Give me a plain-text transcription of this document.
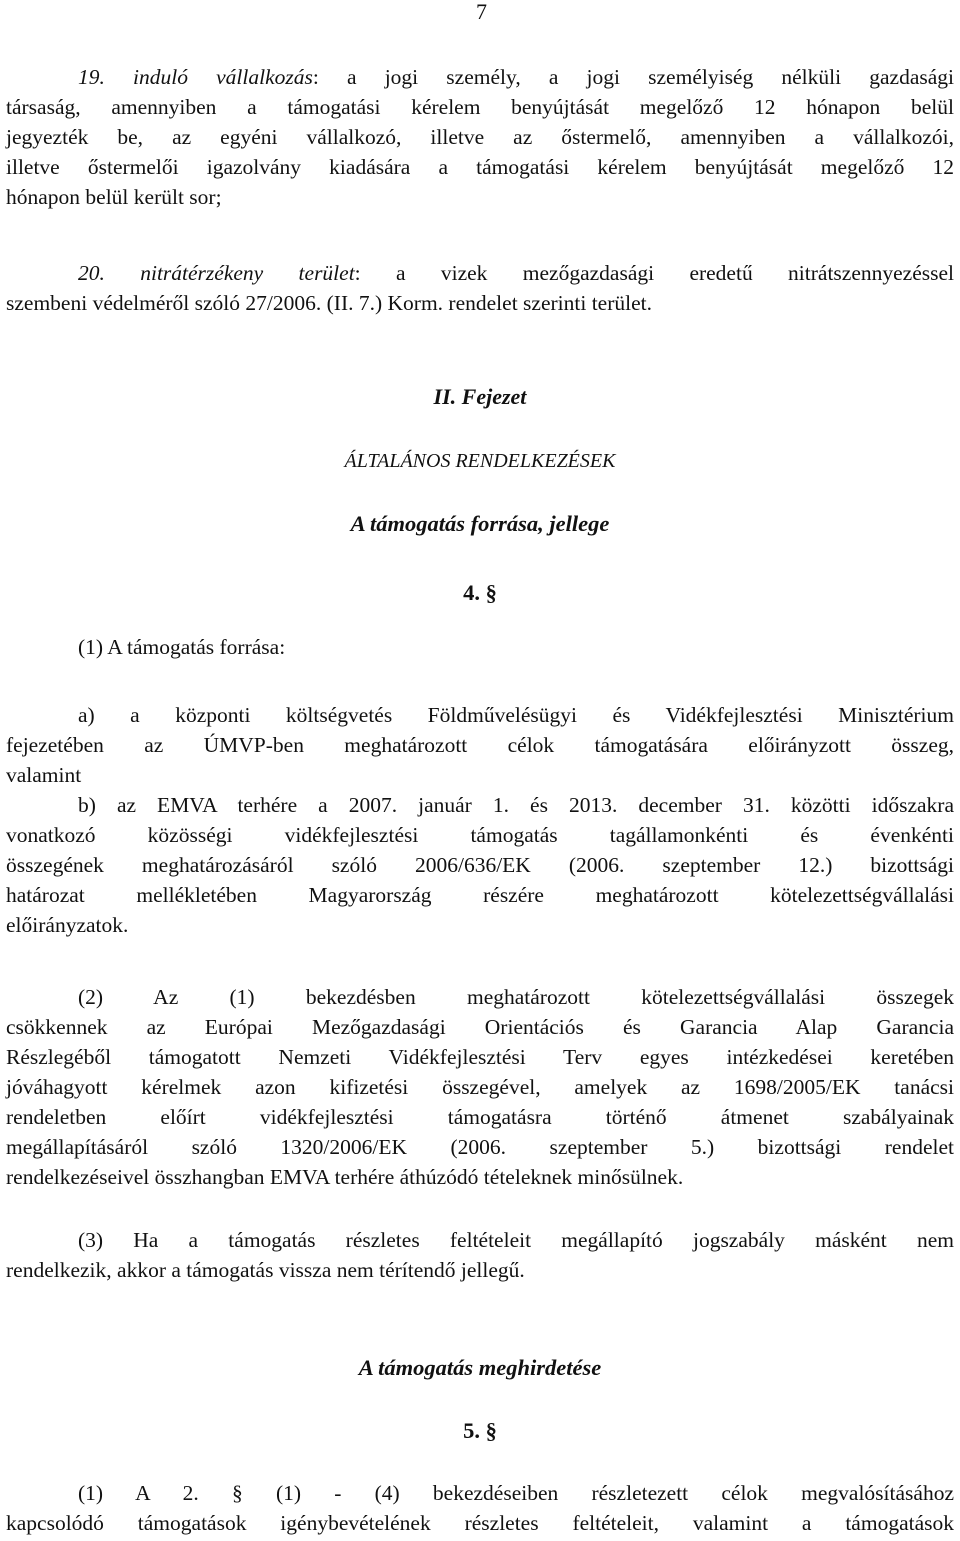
7
19. induló vállalkozás: a jogi személy, a jogi személyiség nélküli gazdasági
társaság, amennyiben a támogatási kérelem benyújtását megelőző 12 hónapon belül
jegyezték be, az egyéni vállalkozó, illetve az őstermelő, amennyiben a vállalkozói,
illetve őstermelői igazolvány kiadására a támogatási kérelem benyújtását megelőző 12
hónapon belül került sor;
20. nitrátérzékeny terület: a vizek mezőgazdasági eredetű nitrátszennyezéssel
szembeni védelméről szóló 27/2006. (II. 7.) Korm. rendelet szerinti terület.
II. Fejezet
ÁLTALÁNOS RENDELKEZÉSEK
A támogatás forrása, jellege
4. §
(1) A támogatás forrása:
a) a központi költségvetés Földművelésügyi és Vidékfejlesztési Minisztérium
fejezetében az ÚMVP-ben meghatározott célok támogatására előirányzott összeg,
valamint
b) az EMVA terhére a 2007. január 1. és 2013. december 31. közötti időszakra
vonatkozó közösségi vidékfejlesztési támogatás tagállamonkénti és évenkénti
összegének meghatározásáról szóló 2006/636/EK (2006. szeptember 12.) bizottsági
határozat mellékletében Magyarország részére meghatározott kötelezettségvállalási
előirányzatok.
(2) Az (1) bekezdésben meghatározott kötelezettségvállalási összegek
csökkennek az Európai Mezőgazdasági Orientációs és Garancia Alap Garancia
Részlegéből támogatott Nemzeti Vidékfejlesztési Terv egyes intézkedései keretében
jóváhagyott kérelmek azon kifizetési összegével, amelyek az 1698/2005/EK tanácsi
rendeletben előírt vidékfejlesztési támogatásra történő átmenet szabályainak
megállapításáról szóló 1320/2006/EK (2006. szeptember 5.) bizottsági rendelet
rendelkezéseivel összhangban EMVA terhére áthúzódó tételeknek minősülnek.
(3) Ha a támogatás részletes feltételeit megállapító jogszabály másként nem
rendelkezik, akkor a támogatás vissza nem térítendő jellegű.
A támogatás meghirdetése
5. §
(1) A 2. § (1) - (4) bekezdéseiben részletezett célok megvalósításához
kapcsolódó támogatások igénybevételének részletes feltételeit, valamint a támogatások
